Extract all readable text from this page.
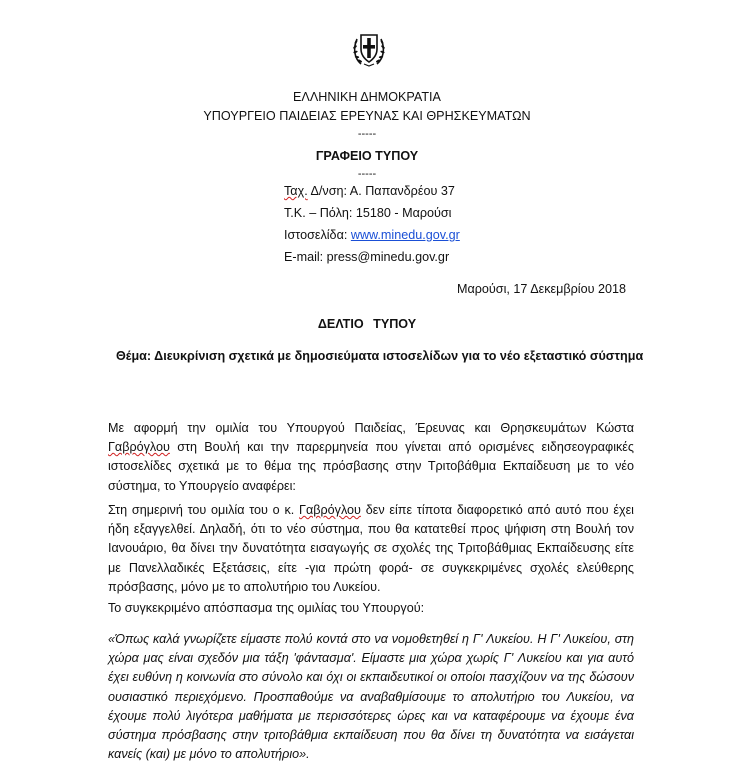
ΕΛΛΗΝΙΚΗ ΔΗΜΟΚΡΑΤΙΑ
ΥΠΟΥΡΓΕΙΟ ΠΑΙΔΕΙΑΣ ΕΡΕΥΝΑΣ ΚΑΙ ΘΡΗΣΚΕΥΜΑΤΩΝ
-----
ΓΡΑΦΕΙΟ ΤΥΠΟΥ
-----
Ταχ. Δ/νση: Α. Παπανδρέου 37
Τ.Κ. – Πόλη: 15180 - Μαρούσι
Ιστοσελίδα: www.minedu.gov.gr
E-mail: press@minedu.gov.gr
Μαρούσι, 17 Δεκεμβρίου 2018
ΔΕΛΤΙΟ ΤΥΠΟΥ
Θέμα: Διευκρίνιση σχετικά με δημοσιεύματα ιστοσελίδων για το νέο εξεταστικό σύστημα

Με αφορμή την ομιλία του Υπουργού Παιδείας, Έρευνας και Θρησκευμάτων Κώστα Γαβρόγλου στη Βουλή και την παρερμηνεία που γίνεται από ορισμένες ειδησεογραφικές ιστοσελίδες σχετικά με το θέμα της πρόσβασης στην Τριτοβάθμια Εκπαίδευση με το νέο σύστημα, το Υπουργείο αναφέρει:

Στη σημερινή του ομιλία του ο κ. Γαβρόγλου δεν είπε τίποτα διαφορετικό από αυτό που έχει ήδη εξαγγελθεί. Δηλαδή, ότι το νέο σύστημα, που θα κατατεθεί προς ψήφιση στη Βουλή τον Ιανουάριο, θα δίνει την δυνατότητα εισαγωγής σε σχολές της Τριτοβάθμιας Εκπαίδευσης είτε με Πανελλαδικές Εξετάσεις, είτε -για πρώτη φορά- σε συγκεκριμένες σχολές ελεύθερης πρόσβασης, μόνο με το απολυτήριο του Λυκείου.

Το συγκεκριμένο απόσπασμα της ομιλίας του Υπουργού:

«Όπως καλά γνωρίζετε είμαστε πολύ κοντά στο να νομοθετηθεί η Γ' Λυκείου. Η Γ' Λυκείου, στη χώρα μας είναι σχεδόν μια τάξη 'φάντασμα'. Είμαστε μια χώρα χωρίς Γ' Λυκείου και για αυτό έχει ευθύνη η κοινωνία στο σύνολο και όχι οι εκπαιδευτικοί οι οποίοι πασχίζουν να της δώσουν ουσιαστικό περιεχόμενο. Προσπαθούμε να αναβαθμίσουμε το απολυτήριο του Λυκείου, να έχουμε πολύ λιγότερα μαθήματα με περισσότερες ώρες και να καταφέρουμε να έχουμε ένα σύστημα πρόσβασης στην τριτοβάθμια εκπαίδευση που θα δίνει τη δυνατότητα να εισάγεται κανείς (και) με μόνο το απολυτήριο».
